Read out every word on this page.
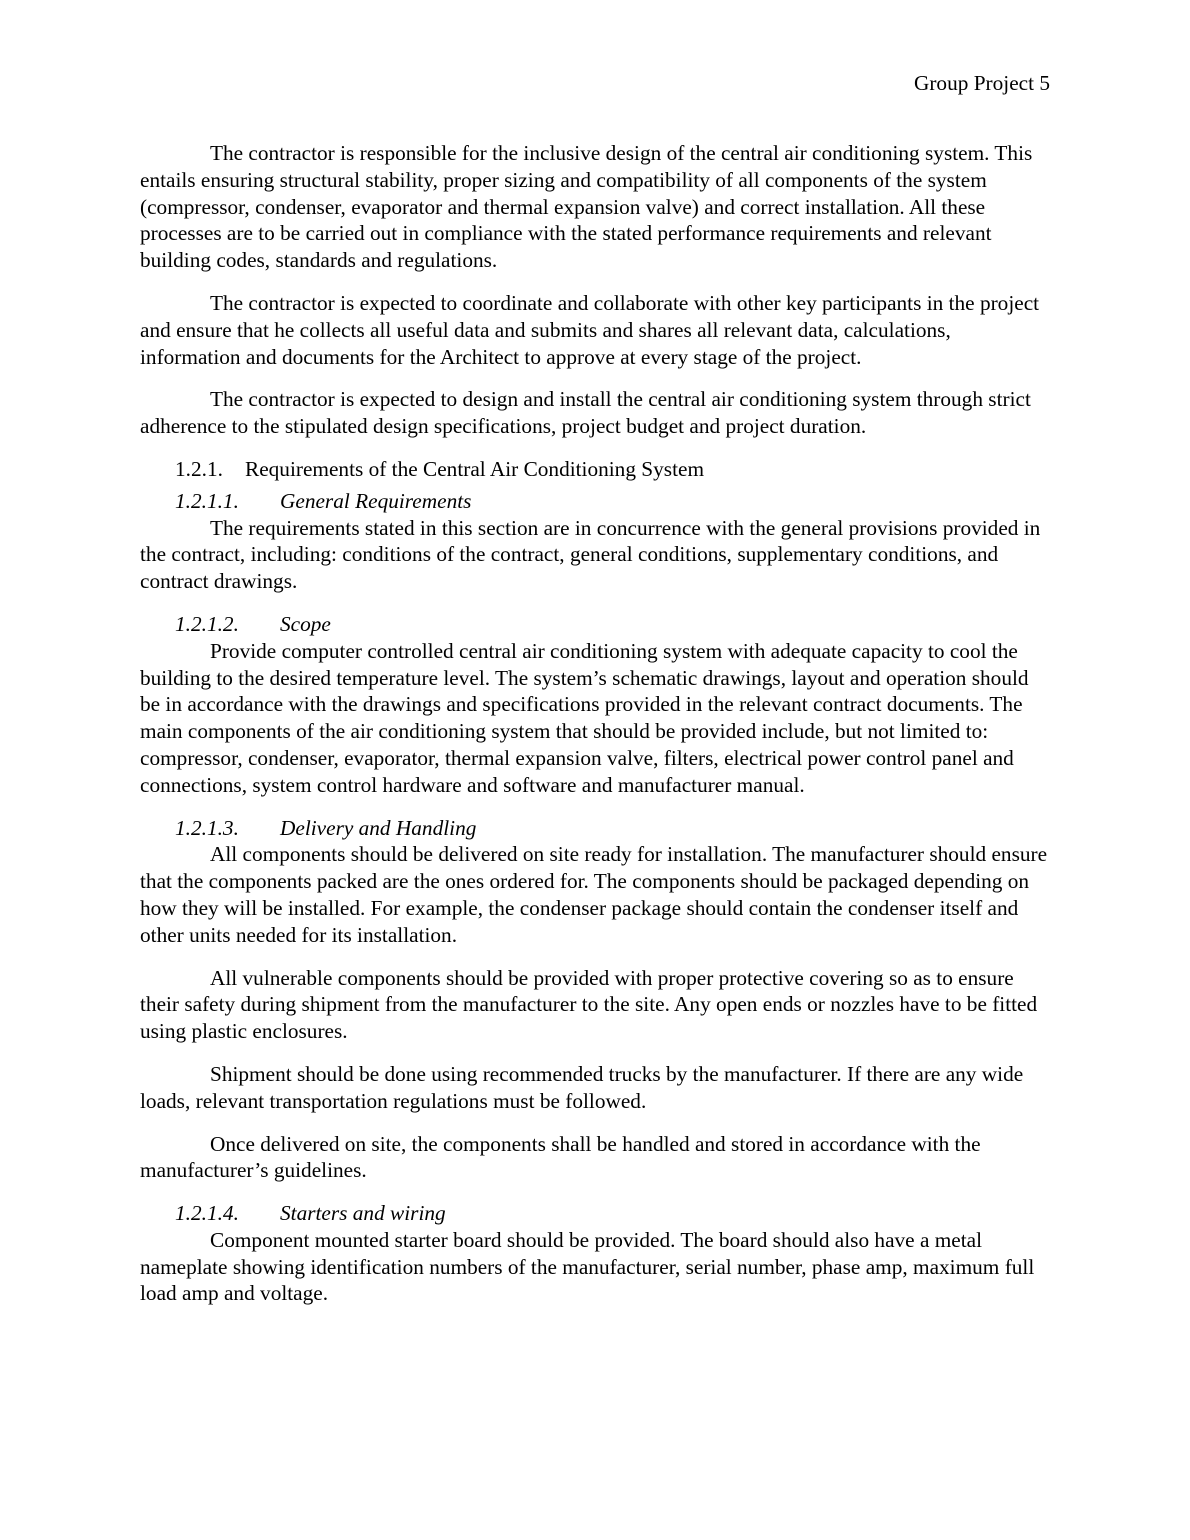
Group Project 5

The contractor is responsible for the inclusive design of the central air conditioning system. This entails ensuring structural stability, proper sizing and compatibility of all components of the system (compressor, condenser, evaporator and thermal expansion valve) and correct installation. All these processes are to be carried out in compliance with the stated performance requirements and relevant building codes, standards and regulations.

The contractor is expected to coordinate and collaborate with other key participants in the project and ensure that he collects all useful data and submits and shares all relevant data, calculations, information and documents for the Architect to approve at every stage of the project.

The contractor is expected to design and install the central air conditioning system through strict adherence to the stipulated design specifications, project budget and project duration.

1.2.1. Requirements of the Central Air Conditioning System
1.2.1.1. General Requirements

The requirements stated in this section are in concurrence with the general provisions provided in the contract, including: conditions of the contract, general conditions, supplementary conditions, and contract drawings.

1.2.1.2. Scope

Provide computer controlled central air conditioning system with adequate capacity to cool the building to the desired temperature level. The system’s schematic drawings, layout and operation should be in accordance with the drawings and specifications provided in the relevant contract documents. The main components of the air conditioning system that should be provided include, but not limited to: compressor, condenser, evaporator, thermal expansion valve, filters, electrical power control panel and connections, system control hardware and software and manufacturer manual.

1.2.1.3. Delivery and Handling

All components should be delivered on site ready for installation. The manufacturer should ensure that the components packed are the ones ordered for. The components should be packaged depending on how they will be installed. For example, the condenser package should contain the condenser itself and other units needed for its installation.

All vulnerable components should be provided with proper protective covering so as to ensure their safety during shipment from the manufacturer to the site. Any open ends or nozzles have to be fitted using plastic enclosures.

Shipment should be done using recommended trucks by the manufacturer. If there are any wide loads, relevant transportation regulations must be followed.

Once delivered on site, the components shall be handled and stored in accordance with the manufacturer’s guidelines.

1.2.1.4. Starters and wiring

Component mounted starter board should be provided. The board should also have a metal nameplate showing identification numbers of the manufacturer, serial number, phase amp, maximum full load amp and voltage.
